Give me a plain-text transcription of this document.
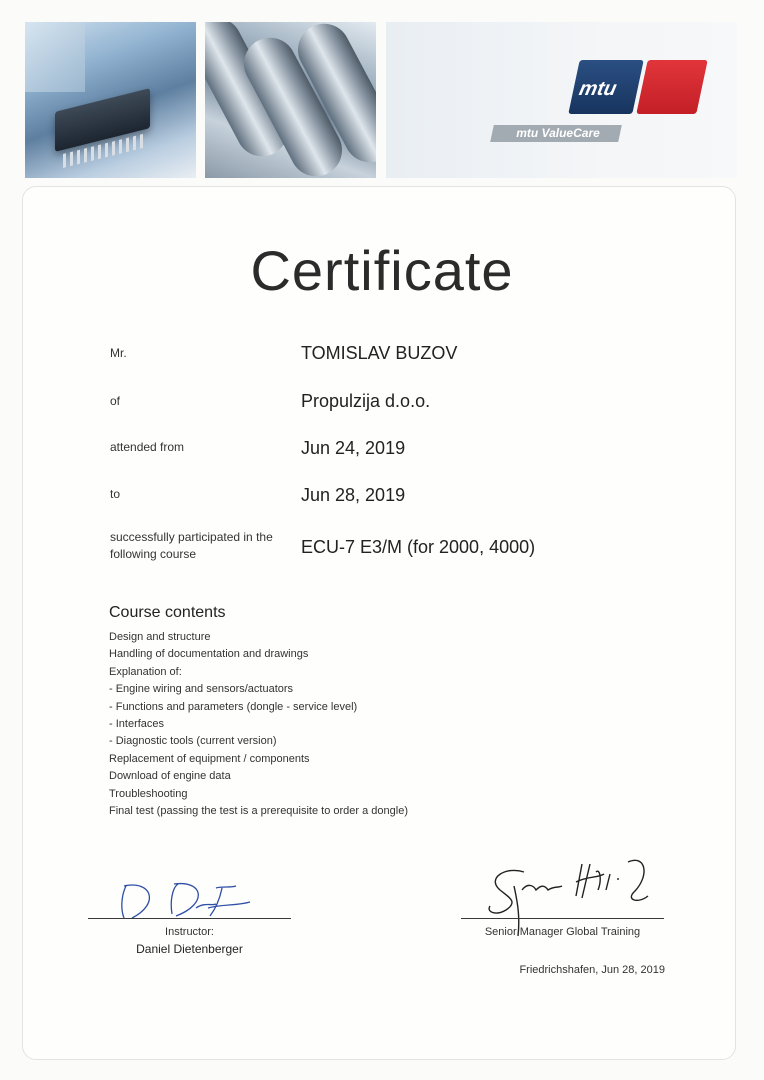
mtu
mtu ValueCare
Certificate
Mr.	TOMISLAV BUZOV
of	Propulzija d.o.o.
attended from	Jun 24, 2019
to	Jun 28, 2019
successfully participated in the
following course	ECU-7 E3/M (for 2000, 4000)
Course contents
Design and structure
Handling of documentation and drawings
Explanation of:
- Engine wiring and sensors/actuators
- Functions and parameters (dongle - service level)
- Interfaces
- Diagnostic tools (current version)
Replacement of equipment / components
Download of engine data
Troubleshooting
Final test (passing the test is a prerequisite to order a dongle)
Instructor:
Daniel Dietenberger
Senior Manager Global Training
Friedrichshafen, Jun 28, 2019
